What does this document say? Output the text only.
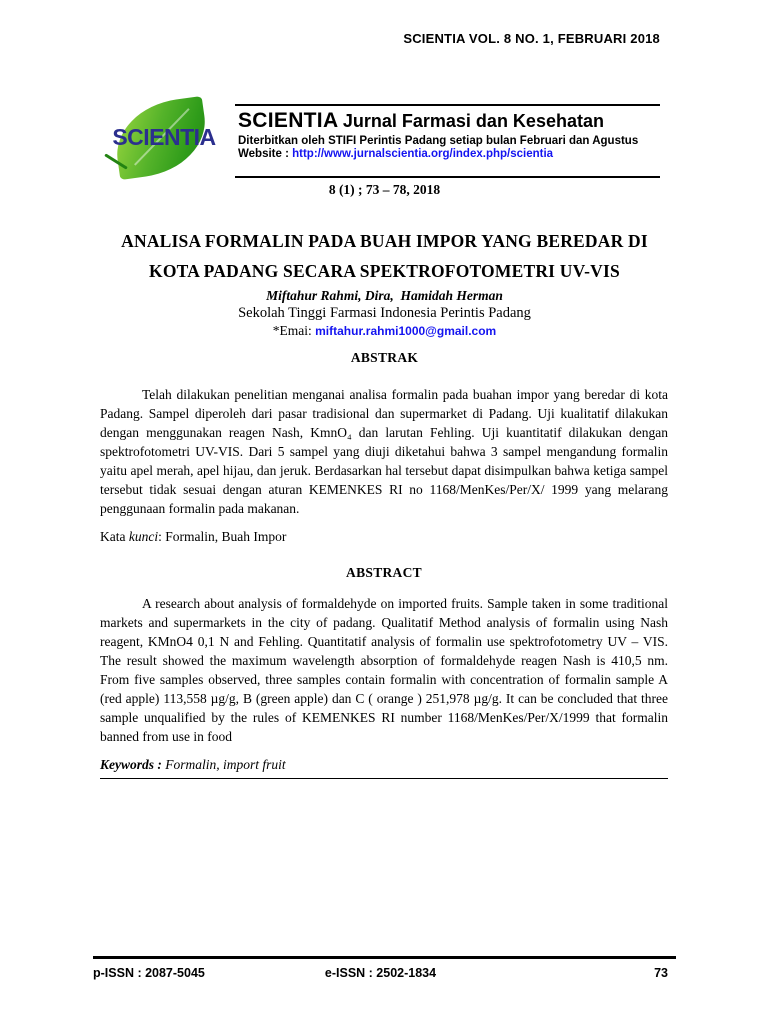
SCIENTIA VOL. 8 NO. 1, FEBRUARI 2018
SCIENTIA
SCIENTIA Jurnal Farmasi dan Kesehatan
Diterbitkan oleh STIFI Perintis Padang setiap bulan Februari dan Agustus
Website : http://www.jurnalscientia.org/index.php/scientia
8 (1) ; 73 – 78, 2018
ANALISA FORMALIN PADA BUAH IMPOR YANG BEREDAR DI
KOTA PADANG SECARA SPEKTROFOTOMETRI UV-VIS
Miftahur Rahmi, Dira,  Hamidah Herman
Sekolah Tinggi Farmasi Indonesia Perintis Padang
*Emai: miftahur.rahmi1000@gmail.com
ABSTRAK

Telah dilakukan penelitian menganai analisa formalin pada buahan impor yang beredar di kota Padang. Sampel diperoleh dari pasar tradisional dan supermarket di Padang. Uji kualitatif dilakukan dengan menggunakan reagen Nash, KmnO₄ dan larutan Fehling. Uji kuantitatif dilakukan dengan spektrofotometri UV-VIS. Dari 5 sampel yang diuji diketahui bahwa 3 sampel mengandung formalin yaitu apel merah, apel hijau, dan jeruk. Berdasarkan hal tersebut dapat disimpulkan bahwa ketiga sampel tersebut tidak sesuai dengan aturan KEMENKES RI no 1168/MenKes/Per/X/ 1999 yang melarang penggunaan formalin pada makanan.

Kata kunci: Formalin, Buah Impor
ABSTRACT

A research about analysis of formaldehyde on imported fruits. Sample taken in some traditional markets and supermarkets in the city of padang. Qualitatif Method analysis of formalin using Nash reagent, KMnO4 0,1 N and Fehling. Quantitatif analysis of formalin use spektrofotometry UV – VIS. The result showed the maximum wavelength absorption of formaldehyde reagen Nash is 410,5 nm. From five samples observed, three samples contain formalin with concentration of formalin sample A (red apple) 113,558 µg/g, B (green apple) dan C ( orange ) 251,978 µg/g. It can be concluded that three sample unqualified by the rules of KEMENKES RI number 1168/MenKes/Per/X/1999 that formalin banned from use in food

Keywords : Formalin, import fruit
p-ISSN : 2087-5045	e-ISSN : 2502-1834	73
